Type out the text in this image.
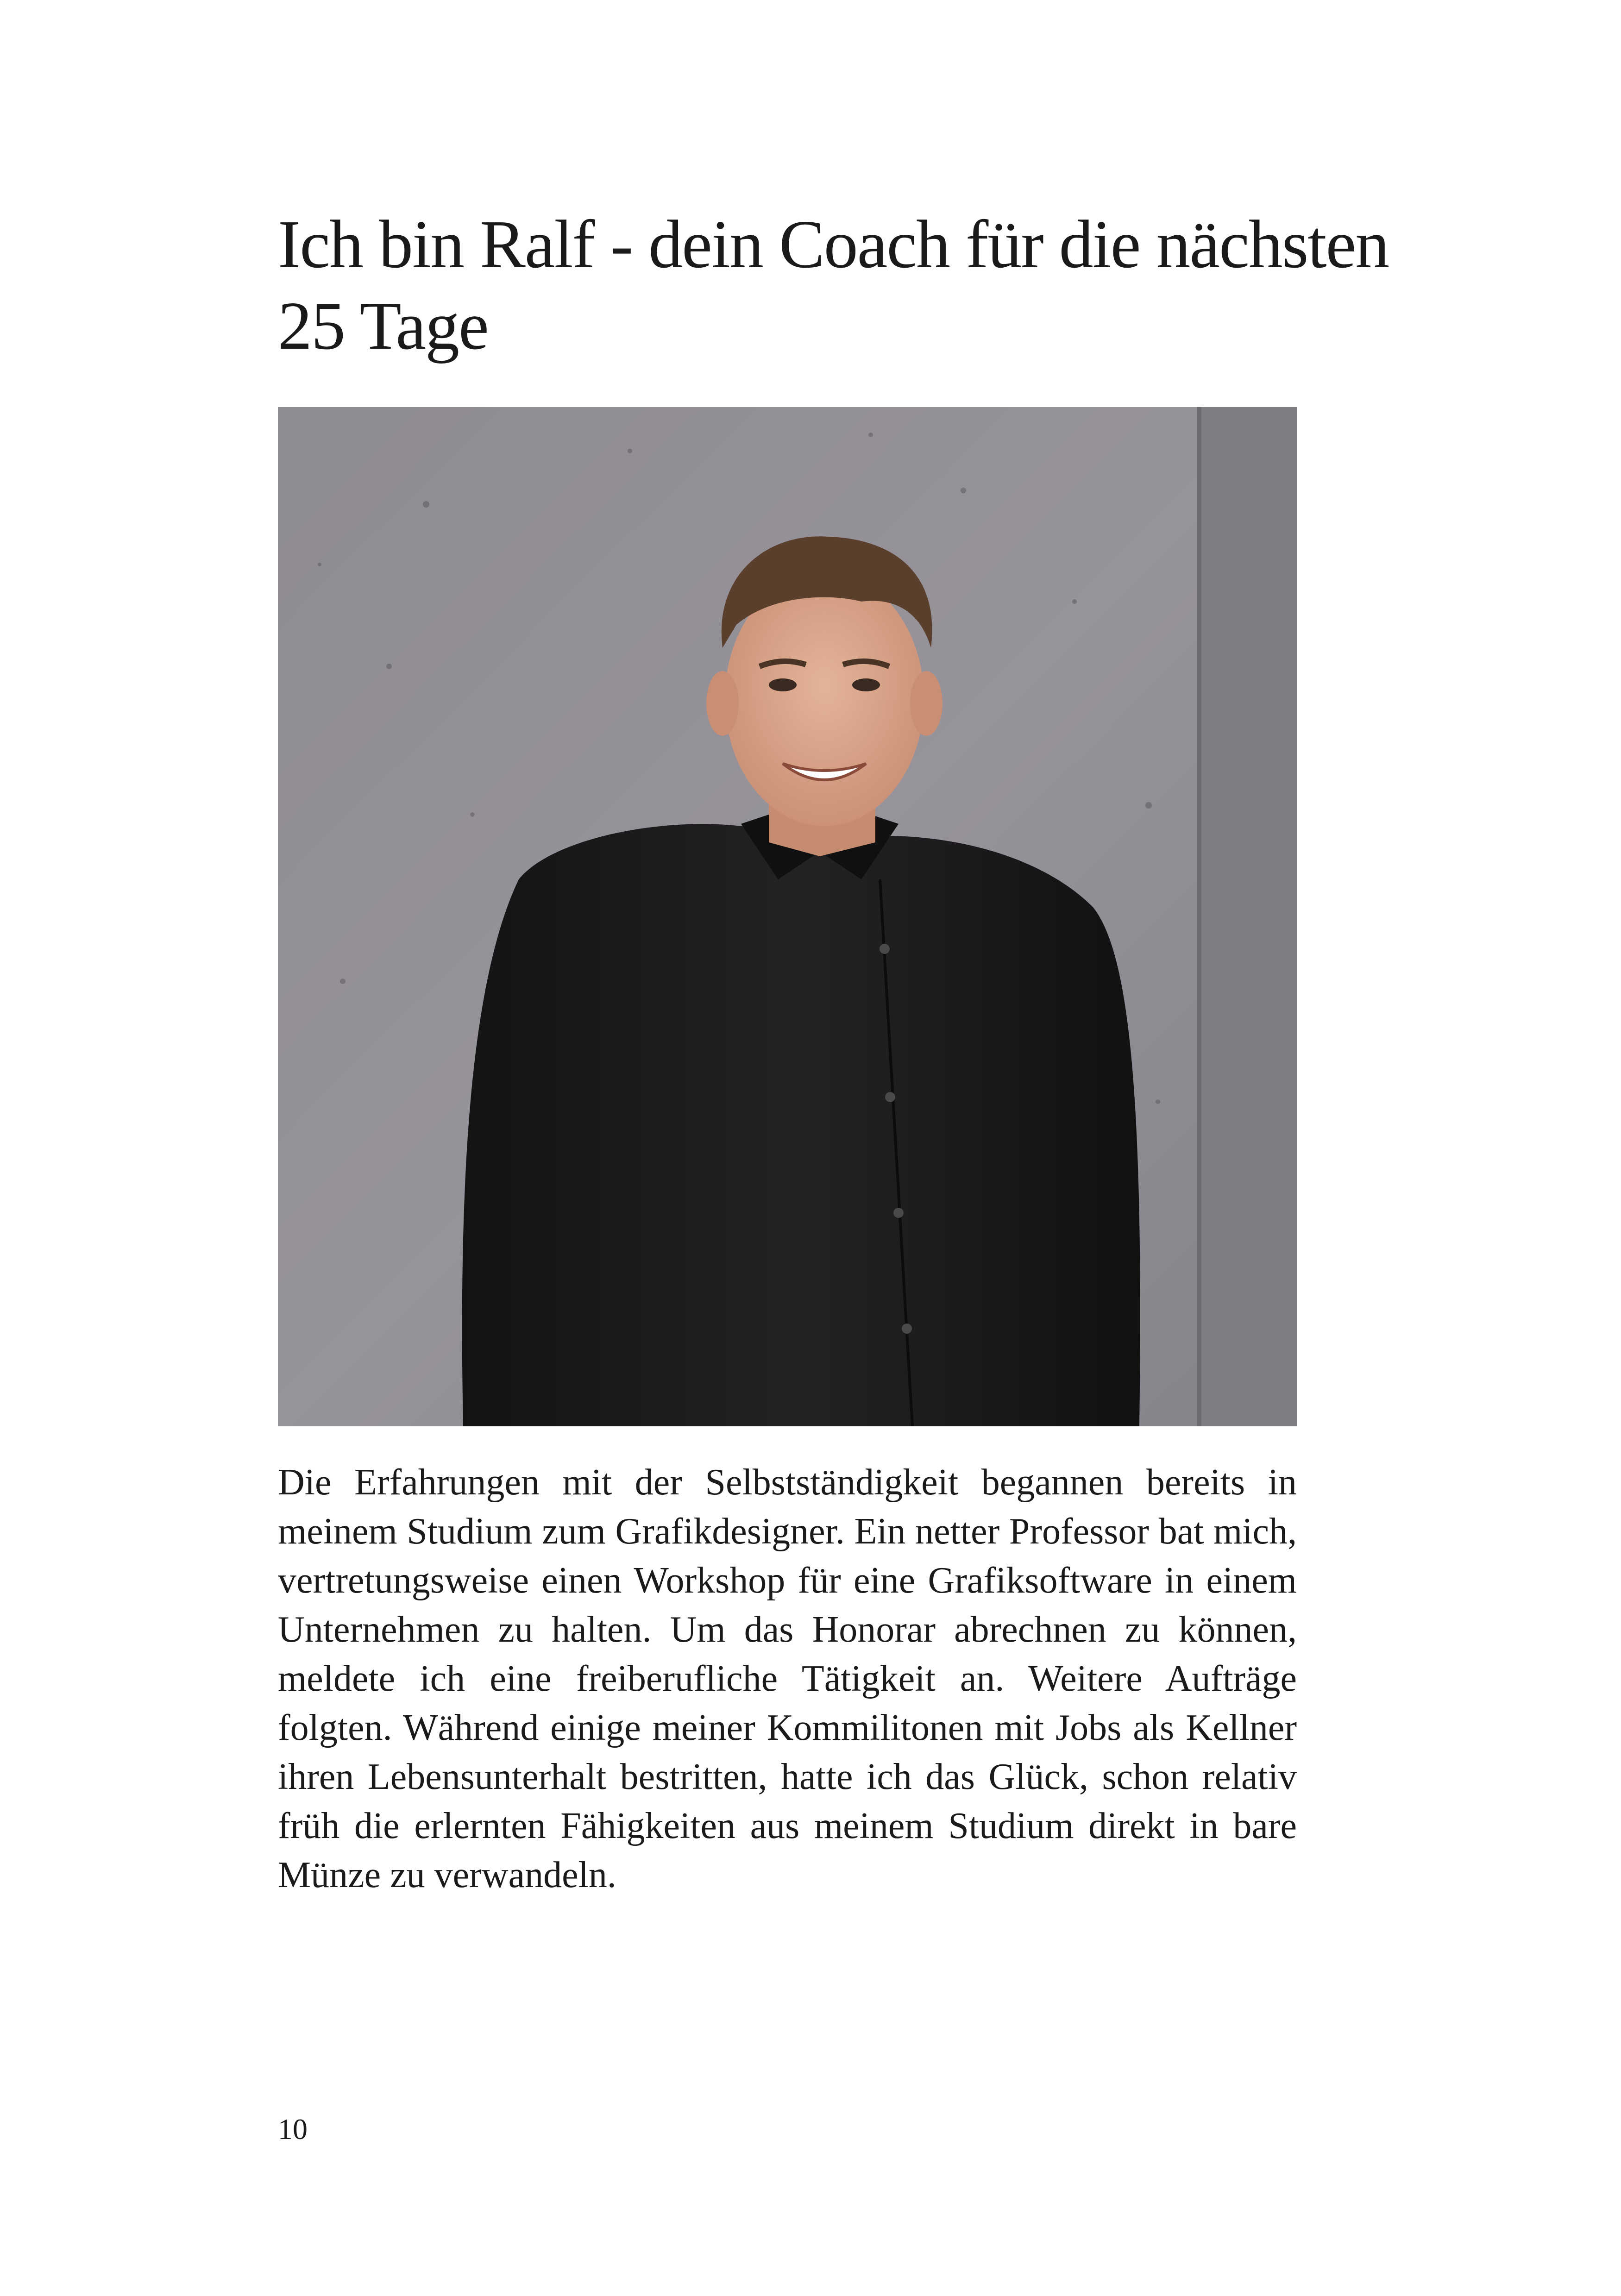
Ich bin Ralf - dein Coach für die nächsten 25 Tage

Die Erfahrungen mit der Selbstständigkeit begannen bereits in meinem Studium zum Grafikdesigner. Ein netter Professor bat mich, vertretungsweise einen Workshop für eine Grafiksoftware in einem Unternehmen zu halten. Um das Honorar abrechnen zu können, meldete ich eine freiberufliche Tätigkeit an. Weitere Aufträge folgten. Während einige meiner Kommilitonen mit Jobs als Kellner ihren Lebensunterhalt bestritten, hatte ich das Glück, schon relativ früh die erlernten Fähigkeiten aus meinem Studium direkt in bare Münze zu verwandeln.

10
